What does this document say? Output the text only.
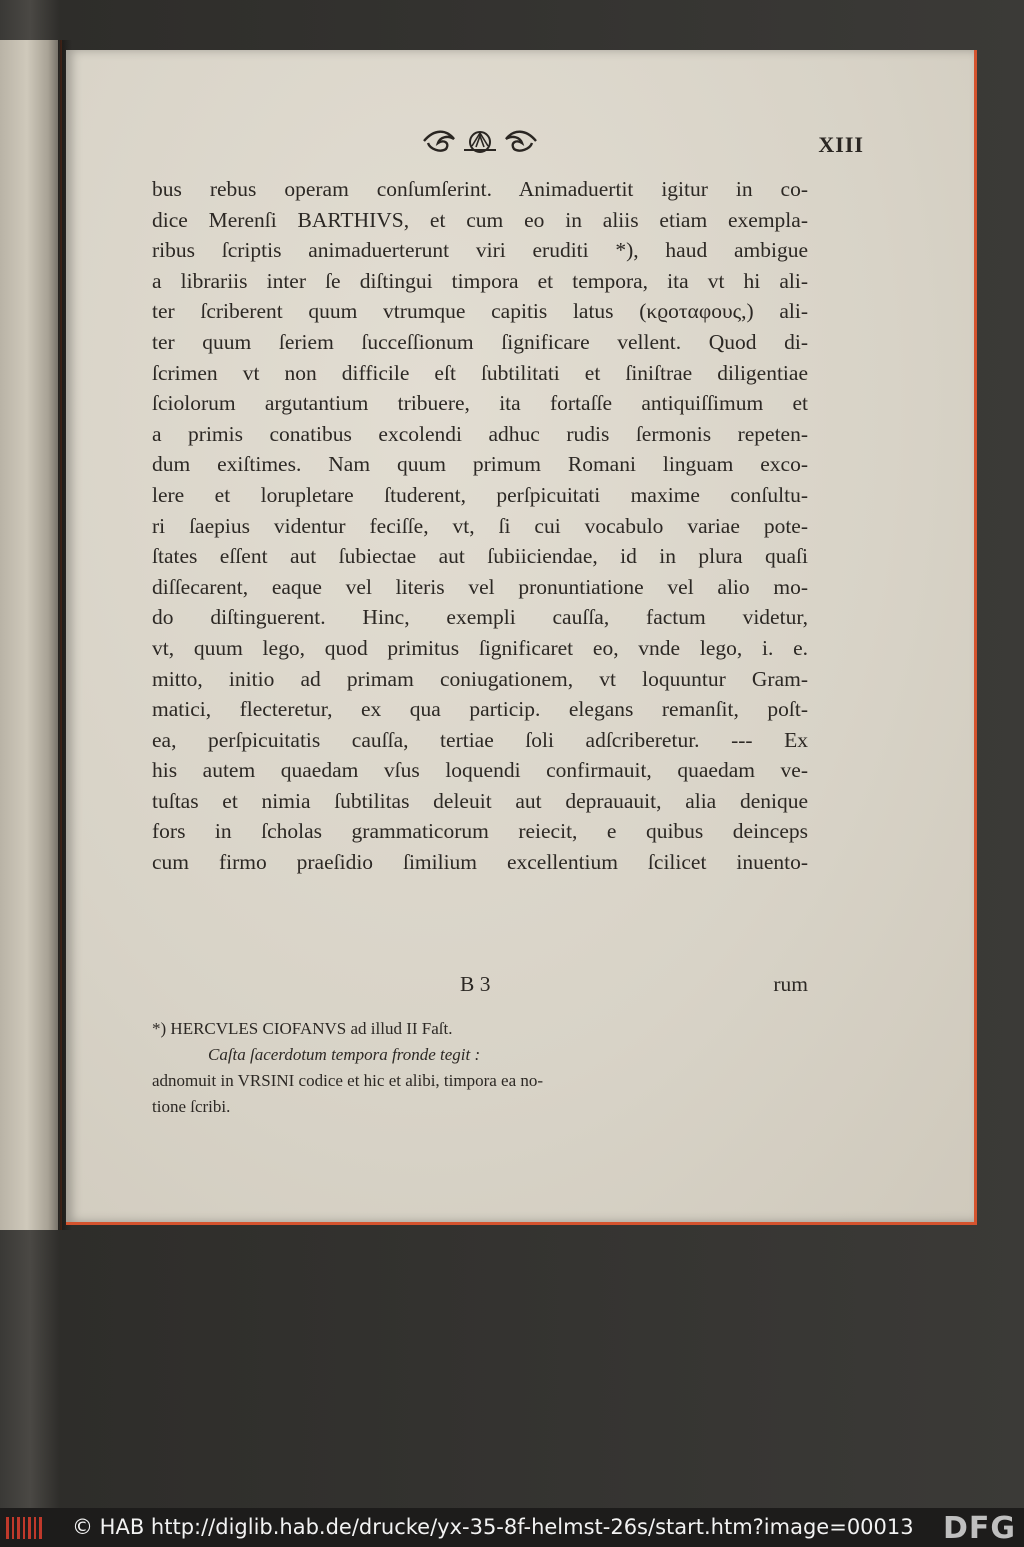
XIII
bus rebus operam conſumſerint. Animaduertit igitur in co-
dice Merenſi BARTHIVS, et cum eo in aliis etiam exempla-
ribus ſcriptis animaduerterunt viri eruditi *), haud ambigue
a librariis inter ſe diſtingui timpora et tempora, ita vt hi ali-
ter ſcriberent quum vtrumque capitis latus (κϱοταφους,) ali-
ter quum ſeriem ſucceſſionum ſignificare vellent. Quod di-
ſcrimen vt non difficile eſt ſubtilitati et ſiniſtrae diligentiae
ſciolorum argutantium tribuere, ita fortaſſe antiquiſſimum et
a primis conatibus excolendi adhuc rudis ſermonis repeten-
dum exiſtimes. Nam quum primum Romani linguam exco-
lere et lorupletare ſtuderent, perſpicuitati maxime conſultu-
ri ſaepius videntur feciſſe, vt, ſi cui vocabulo variae pote-
ſtates eſſent aut ſubiectae aut ſubiiciendae, id in plura quaſi
diſſecarent, eaque vel literis vel pronuntiatione vel alio mo-
do diſtinguerent. Hinc, exempli cauſſa, factum videtur,
vt, quum lego, quod primitus ſignificaret eo, vnde lego, i. e.
mitto, initio ad primam coniugationem, vt loquuntur Gram-
matici, flecteretur, ex qua particip. elegans remanſit, poſt-
ea, perſpicuitatis cauſſa, tertiae ſoli adſcriberetur. --- Ex
his autem quaedam vſus loquendi confirmauit, quaedam ve-
tuſtas et nimia ſubtilitas deleuit aut deprauauit, alia denique
fors in ſcholas grammaticorum reiecit, e quibus deinceps
cum firmo praeſidio ſimilium excellentium ſcilicet inuento-
B 3	rum
*) HERCVLES CIOFANVS ad illud II Faſt.
Caſta ſacerdotum tempora fronde tegit :
adnomuit in VRSINI codice et hic et alibi, timpora ea no-
tione ſcribi.
© HAB http://diglib.hab.de/drucke/yx-35-8f-helmst-26s/start.htm?image=00013 DFG
